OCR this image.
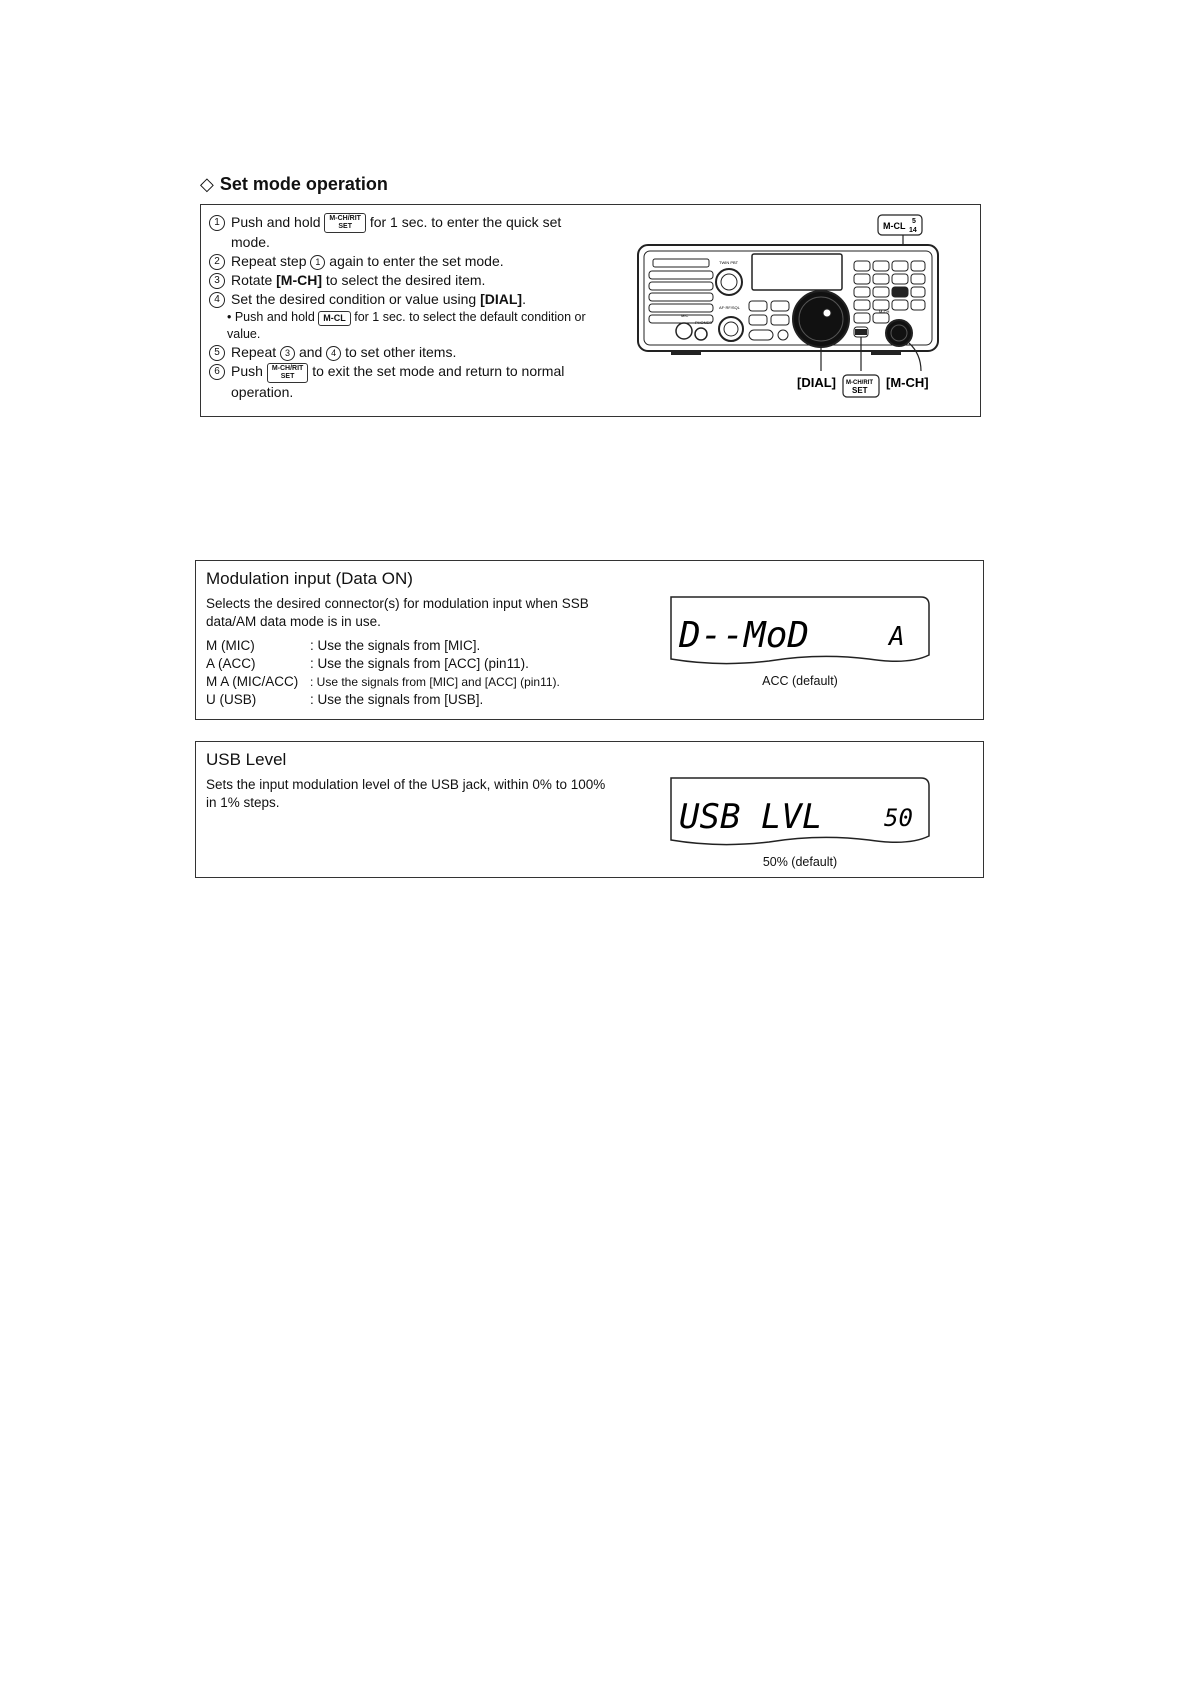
◇ Set mode operation
1 Push and hold M-CH/RIT
SET for 1 sec. to enter the quick set mode.
2 Repeat step 1 again to enter the set mode.
3 Rotate [M-CH] to select the desired item.
4 Set the desired condition or value using [DIAL].
• Push and hold M-CL for 1 sec. to select the default condition or value.
5 Repeat 3 and 4 to set other items.
6 Push M-CH/RIT
SET to exit the set mode and return to normal operation.
M-CL 5
14
TWIN PBT
MIC
PHONES
AF·RF/SQL
M-CH
[DIAL] M-CH/RIT
SET
[M-CH]
Modulation input (Data ON)
Selects the desired connector(s) for modulation input when SSB data/AM data mode is in use.
M (MIC)	: Use the signals from [MIC].
A (ACC)	: Use the signals from [ACC] (pin11).
M A (MIC/ACC) : Use the signals from [MIC] and [ACC] (pin11).
U (USB)	: Use the signals from [USB].
D--MoD	A
ACC (default)
USB Level
Sets the input modulation level of the USB jack, within 0% to 100% in 1% steps.	USB LVL	50
50% (default)
